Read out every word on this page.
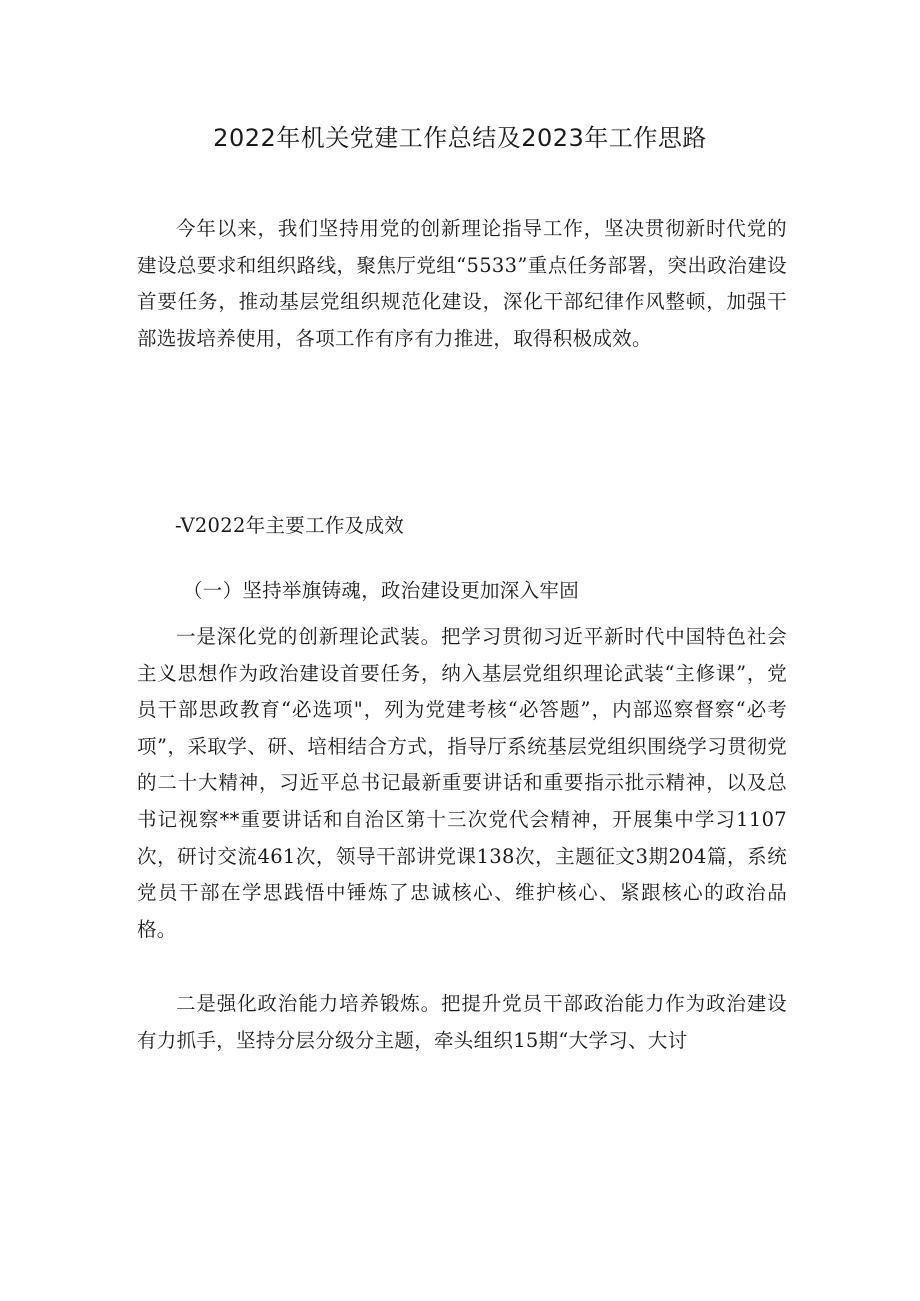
2022年机关党建工作总结及2023年工作思路

今年以来，我们坚持用党的创新理论指导工作，坚决贯彻新时代党的建设总要求和组织路线，聚焦厅党组“5533”重点任务部署，突出政治建设首要任务，推动基层党组织规范化建设，深化干部纪律作风整顿，加强干部选拔培养使用，各项工作有序有力推进，取得积极成效。

-V2022年主要工作及成效

（一）坚持举旗铸魂，政治建设更加深入牢固

一是深化党的创新理论武装。把学习贯彻习近平新时代中国特色社会主义思想作为政治建设首要任务，纳入基层党组织理论武装“主修课”，党员干部思政教育“必选项"，列为党建考核“必答题”，内部巡察督察“必考项”，采取学、研、培相结合方式，指导厅系统基层党组织围绕学习贯彻党的二十大精神，习近平总书记最新重要讲话和重要指示批示精神，以及总书记视察**重要讲话和自治区第十三次党代会精神，开展集中学习1107次，研讨交流461次，领导干部讲党课138次，主题征文3期204篇，系统党员干部在学思践悟中锤炼了忠诚核心、维护核心、紧跟核心的政治品格。

二是强化政治能力培养锻炼。把提升党员干部政治能力作为政治建设有力抓手，坚持分层分级分主题，牵头组织15期“大学习、大讨
